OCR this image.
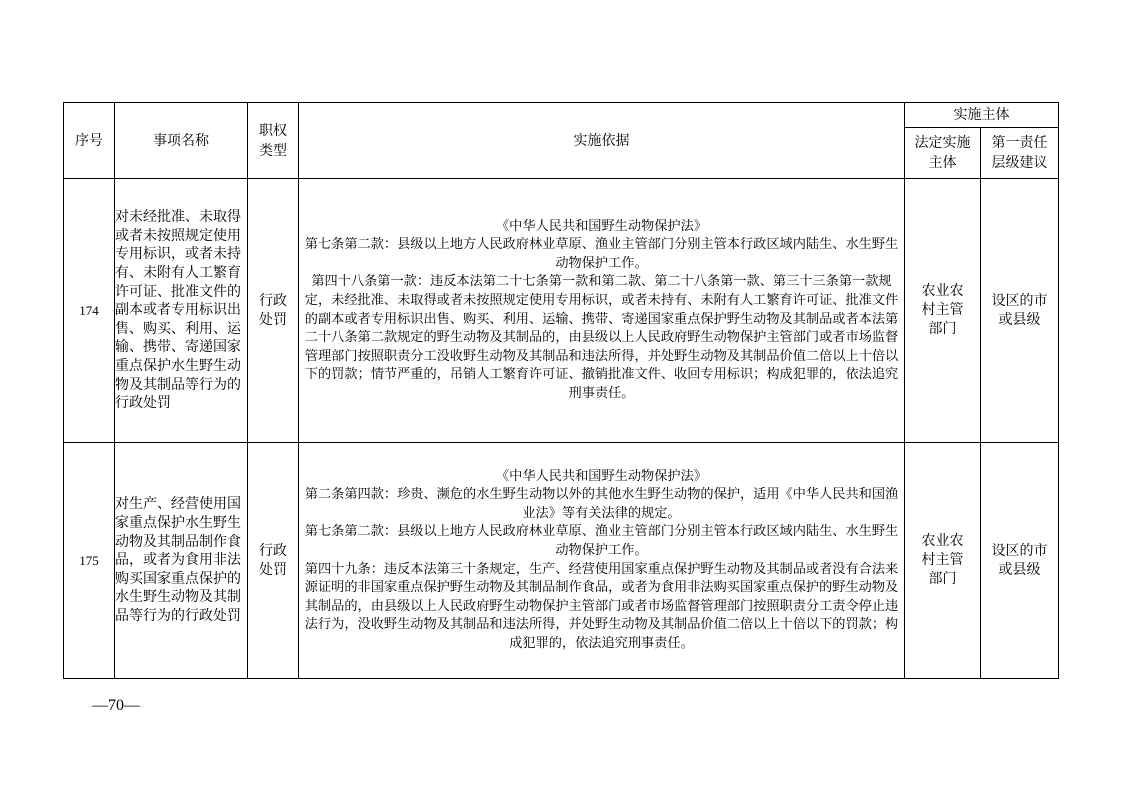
序号	事项名称	职权类型	实施依据	实施主体	
				法定实施主体	第一责任层级建议
174	对未经批准、未取得或者未按照规定使用专用标识，或者未持有、未附有人工繁育许可证、批准文件的副本或者专用标识出售、购买、利用、运输、携带、寄递国家重点保护水生野生动物及其制品等行为的行政处罚	行政处罚	《中华人民共和国野生动物保护法》

第七条第二款：县级以上地方人民政府林业草原、渔业主管部门分别主管本行政区域内陆生、水生野生动物保护工作。

第四十八条第一款：违反本法第二十七条第一款和第二款、第二十八条第一款、第三十三条第一款规定，未经批准、未取得或者未按照规定使用专用标识，或者未持有、未附有人工繁育许可证、批准文件的副本或者专用标识出售、购买、利用、运输、携带、寄递国家重点保护野生动物及其制品或者本法第二十八条第二款规定的野生动物及其制品的，由县级以上人民政府野生动物保护主管部门或者市场监督管理部门按照职责分工没收野生动物及其制品和违法所得，并处野生动物及其制品价值二倍以上十倍以下的罚款；情节严重的，吊销人工繁育许可证、撤销批准文件、收回专用标识；构成犯罪的，依法追究刑事责任。	农业农村主管部门	设区的市或县级
175	对生产、经营使用国家重点保护水生野生动物及其制品制作食品，或者为食用非法购买国家重点保护的水生野生动物及其制品等行为的行政处罚	行政处罚	《中华人民共和国野生动物保护法》

第二条第四款：珍贵、濒危的水生野生动物以外的其他水生野生动物的保护，适用《中华人民共和国渔业法》等有关法律的规定。

第七条第二款：县级以上地方人民政府林业草原、渔业主管部门分别主管本行政区域内陆生、水生野生动物保护工作。

第四十九条：违反本法第三十条规定，生产、经营使用国家重点保护野生动物及其制品或者没有合法来源证明的非国家重点保护野生动物及其制品制作食品，或者为食用非法购买国家重点保护的野生动物及其制品的，由县级以上人民政府野生动物保护主管部门或者市场监督管理部门按照职责分工责令停止违法行为，没收野生动物及其制品和违法所得，并处野生动物及其制品价值二倍以上十倍以下的罚款；构成犯罪的，依法追究刑事责任。	农业农村主管部门	设区的市或县级
—70—
